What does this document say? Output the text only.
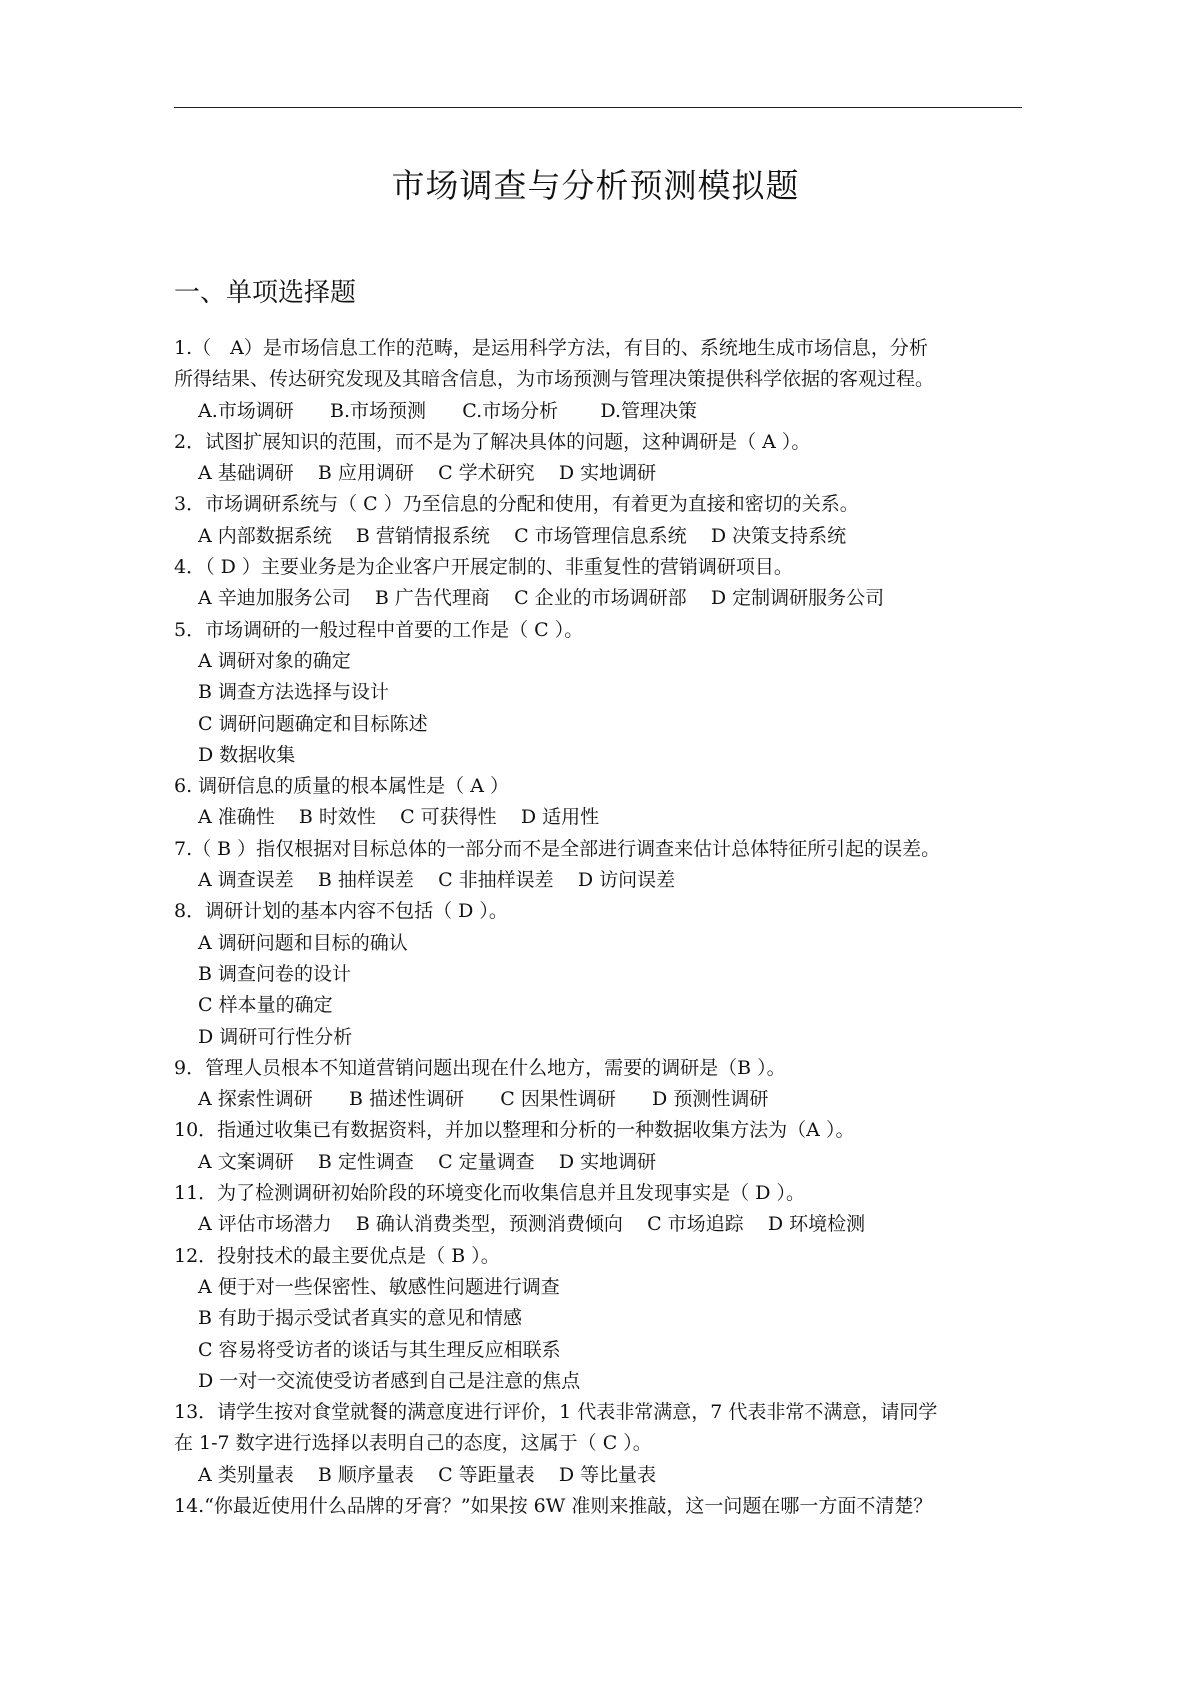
市场调查与分析预测模拟题
一、单项选择题
1.（　A）是市场信息工作的范畴，是运用科学方法，有目的、系统地生成市场信息，分析
所得结果、传达研究发现及其暗含信息，为市场预测与管理决策提供科学依据的客观过程。
A.市场调研      B.市场预测      C.市场分析       D.管理决策
2．试图扩展知识的范围，而不是为了解决具体的问题，这种调研是（ A ）。
A 基础调研    B 应用调研    C 学术研究    D 实地调研
3．市场调研系统与（ C ）乃至信息的分配和使用，有着更为直接和密切的关系。
A 内部数据系统    B 营销情报系统    C 市场管理信息系统    D 决策支持系统
4．（ D ）主要业务是为企业客户开展定制的、非重复性的营销调研项目。
A 辛迪加服务公司    B 广告代理商    C 企业的市场调研部    D 定制调研服务公司
5．市场调研的一般过程中首要的工作是（ C ）。
A 调研对象的确定
B 调查方法选择与设计
C 调研问题确定和目标陈述
D 数据收集
6. 调研信息的质量的根本属性是（ A ）
A 准确性    B 时效性    C 可获得性    D 适用性
7.（ B ）指仅根据对目标总体的一部分而不是全部进行调查来估计总体特征所引起的误差。
A 调查误差    B 抽样误差    C 非抽样误差    D 访问误差
8．调研计划的基本内容不包括（ D ）。
A 调研问题和目标的确认
B 调查问卷的设计
C 样本量的确定
D 调研可行性分析
9．管理人员根本不知道营销问题出现在什么地方，需要的调研是（B ）。
A 探索性调研      B 描述性调研      C 因果性调研      D 预测性调研
10．指通过收集已有数据资料，并加以整理和分析的一种数据收集方法为（A ）。
A 文案调研    B 定性调查    C 定量调查    D 实地调研
11．为了检测调研初始阶段的环境变化而收集信息并且发现事实是（ D ）。
A 评估市场潜力    B 确认消费类型，预测消费倾向    C 市场追踪    D 环境检测
12．投射技术的最主要优点是（ B ）。
A 便于对一些保密性、敏感性问题进行调查
B 有助于揭示受试者真实的意见和情感
C 容易将受访者的谈话与其生理反应相联系
D 一对一交流使受访者感到自己是注意的焦点
13．请学生按对食堂就餐的满意度进行评价，1 代表非常满意，7 代表非常不满意，请同学
在 1-7 数字进行选择以表明自己的态度，这属于（ C ）。
A 类别量表    B 顺序量表    C 等距量表    D 等比量表
14.“你最近使用什么品牌的牙膏？”如果按 6W 准则来推敲，这一问题在哪一方面不清楚？
